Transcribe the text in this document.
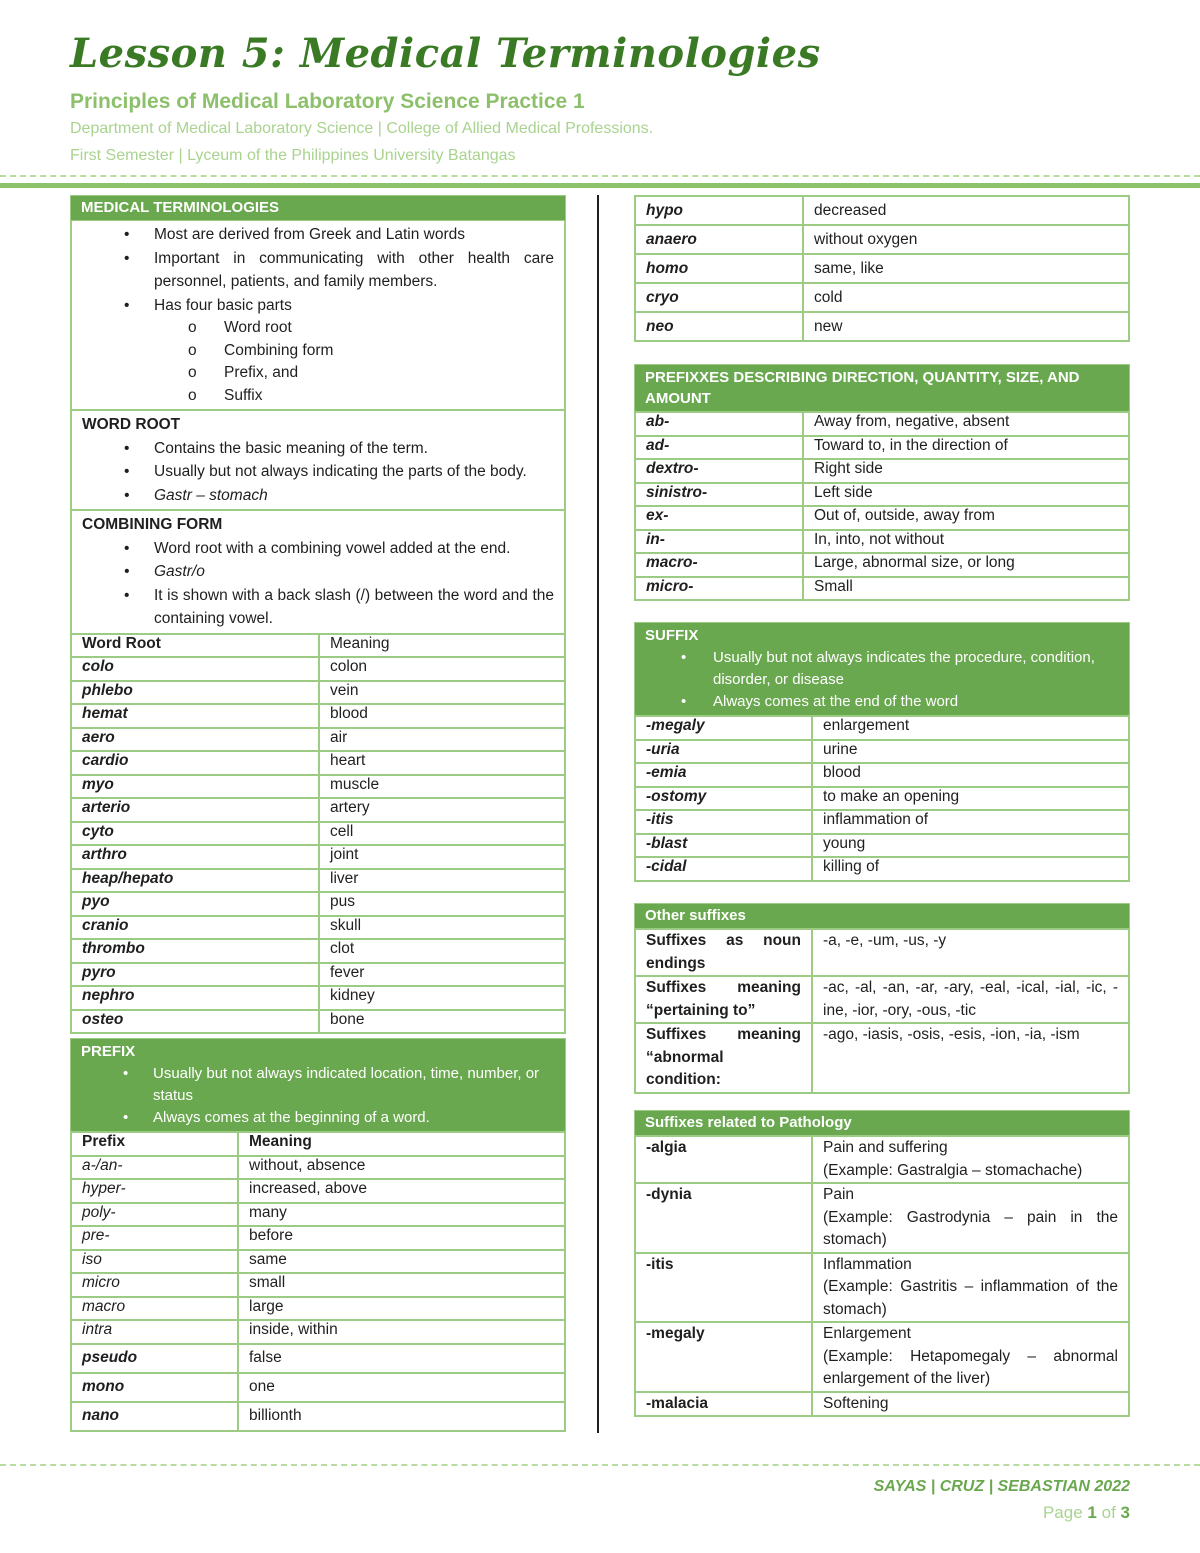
Lesson 5: Medical Terminologies
Principles of Medical Laboratory Science Practice 1
Department of Medical Laboratory Science | College of Allied Medical Professions.
First Semester | Lyceum of the Philippines University Batangas
MEDICAL TERMINOLOGIES
• Most are derived from Greek and Latin words
• Important in communicating with other health care personnel, patients, and family members.
• Has four basic parts
o Word root
o Combining form
o Prefix, and
o Suffix
WORD ROOT
• Contains the basic meaning of the term.
• Usually but not always indicating the parts of the body.
• Gastr – stomach
COMBINING FORM
• Word root with a combining vowel added at the end.
• Gastr/o
• It is shown with a back slash (/) between the word and the containing vowel.
Word Root	Meaning
colo	colon
phlebo	vein
hemat	blood
aero	air
cardio	heart
myo	muscle
arterio	artery
cyto	cell
arthro	joint
heap/hepato	liver
pyo	pus
cranio	skull
thrombo	clot
pyro	fever
nephro	kidney
osteo	bone
PREFIX
• Usually but not always indicated location, time, number, or status
• Always comes at the beginning of a word.
Prefix	Meaning
a-/an-	without, absence
hyper-	increased, above
poly-	many
pre-	before
iso	same
micro	small
macro	large
intra	inside, within
pseudo	false
mono	one
nano	billionth
hypo	decreased
anaero	without oxygen
homo	same, like
cryo	cold
neo	new
PREFIXXES DESCRIBING DIRECTION, QUANTITY, SIZE, AND AMOUNT
ab-	Away from, negative, absent
ad-	Toward to, in the direction of
dextro-	Right side
sinistro-	Left side
ex-	Out of, outside, away from
in-	In, into, not without
macro-	Large, abnormal size, or long
micro-	Small
SUFFIX
• Usually but not always indicates the procedure, condition, disorder, or disease
• Always comes at the end of the word
-megaly	enlargement
-uria	urine
-emia	blood
-ostomy	to make an opening
-itis	inflammation of
-blast	young
-cidal	killing of
Other suffixes
Suffixes as noun endings	-a, -e, -um, -us, -y
Suffixes meaning “pertaining to”	-ac, -al, -an, -ar, -ary, -eal, -ical, -ial, -ic, -ine, -ior, -ory, -ous, -tic
Suffixes meaning “abnormal condition:	-ago, -iasis, -osis, -esis, -ion, -ia, -ism
Suffixes related to Pathology
-algia	Pain and suffering
(Example: Gastralgia – stomachache)

-dynia	Pain
(Example: Gastrodynia – pain in the stomach)

-itis	Inflammation
(Example: Gastritis – inflammation of the stomach)

-megaly	Enlargement
(Example: Hetapomegaly – abnormal enlargement of the liver)

-malacia	Softening
SAYAS | CRUZ | SEBASTIAN 2022
Page 1 of 3
